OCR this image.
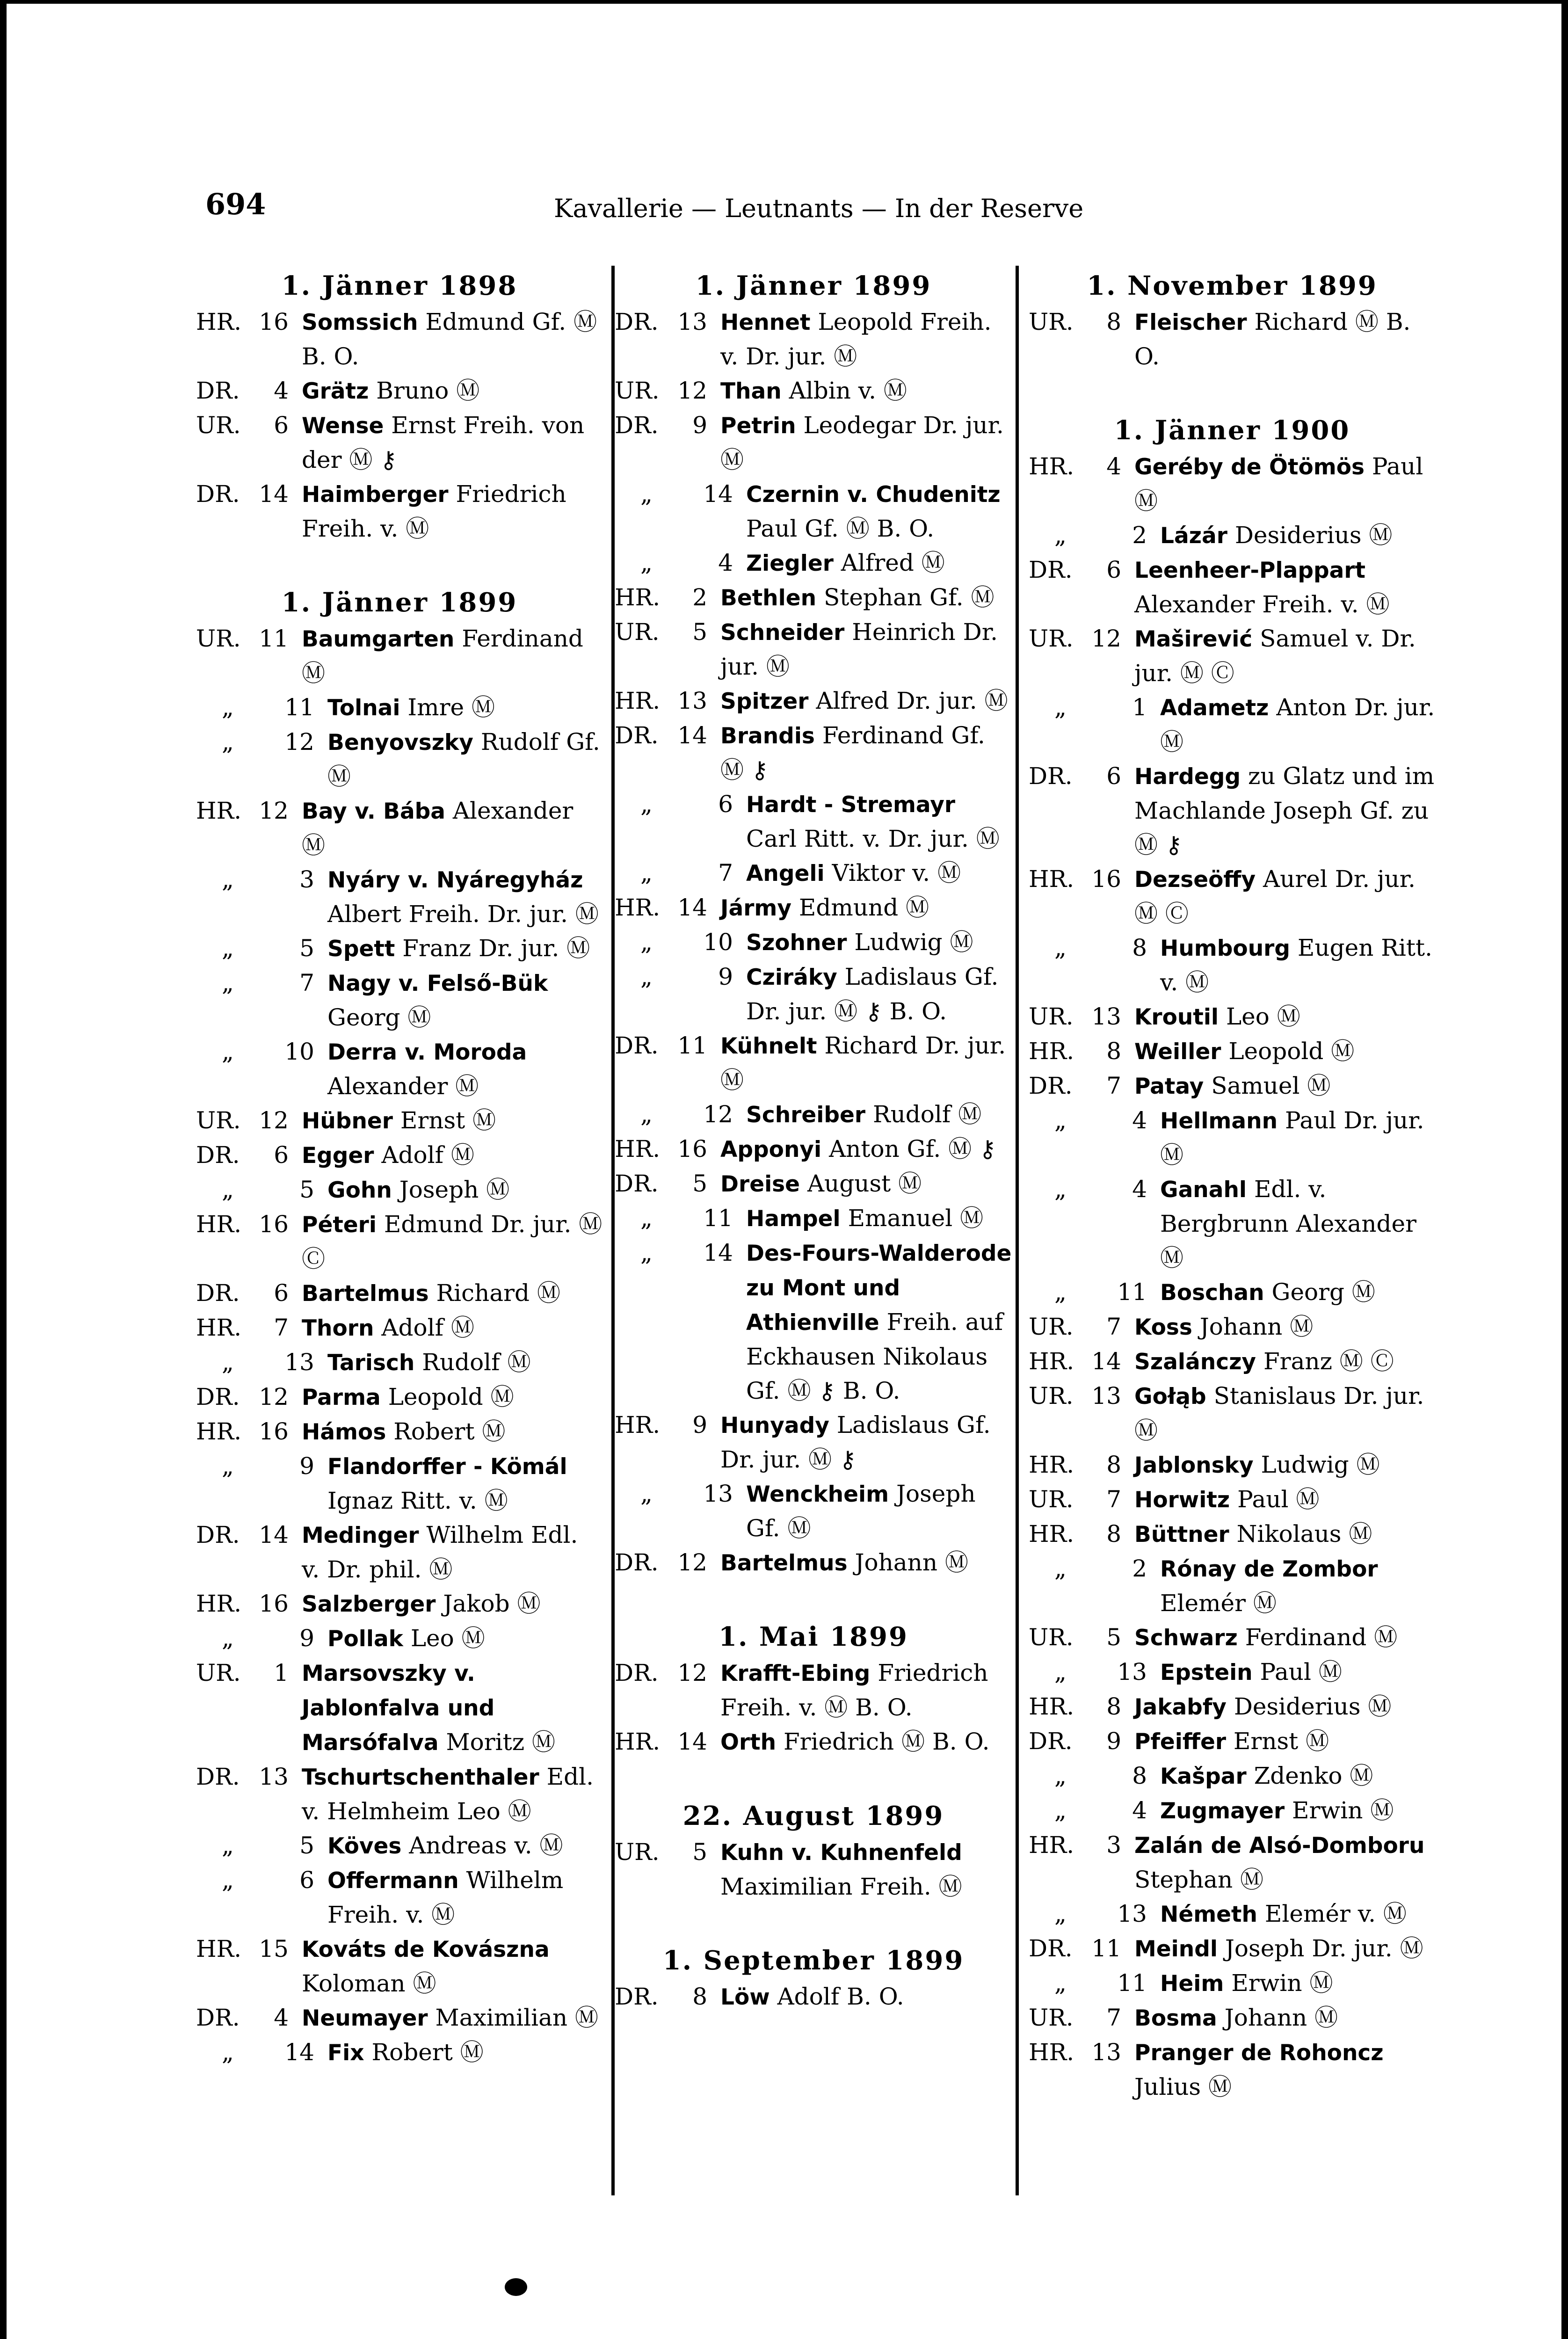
694	Kavallerie — Leutnants — In der Reserve
1. Jänner 1898
HR. 16 Somssich Edmund Gf. Ⓜ B. O.
DR.	4 Grätz Bruno Ⓜ
UR.	6 Wense Ernst Freih. von der Ⓜ ⚷
DR. 14 Haimberger Friedrich Freih. v. Ⓜ
1. Jänner 1899
UR. 11 Baumgarten Ferdinand Ⓜ
„	11 Tolnai Imre Ⓜ
„	12 Benyovszky Rudolf Gf. Ⓜ
HR. 12 Bay v. Bába Alexander Ⓜ
„	3 Nyáry v. Nyáregyház Albert Freih. Dr. jur. Ⓜ
„	5 Spett Franz Dr. jur. Ⓜ
„	7 Nagy v. Felső-Bük Georg Ⓜ
„	10 Derra v. Moroda Alexander Ⓜ
UR. 12 Hübner Ernst Ⓜ
DR.	6 Egger Adolf Ⓜ
„	5 Gohn Joseph Ⓜ
HR. 16 Péteri Edmund Dr. jur. Ⓜ Ⓒ
DR.	6 Bartelmus Richard Ⓜ
HR.	7 Thorn Adolf Ⓜ
„	13 Tarisch Rudolf Ⓜ
DR. 12 Parma Leopold Ⓜ
HR. 16 Hámos Robert Ⓜ
„	9 Flandorffer - Kömál Ignaz Ritt. v. Ⓜ
DR. 14 Medinger Wilhelm Edl. v. Dr. phil. Ⓜ
HR. 16 Salzberger Jakob Ⓜ
„	9 Pollak Leo Ⓜ
UR.	1 Marsovszky v. Jablonfalva und Marsófalva Moritz Ⓜ
DR. 13 Tschurtschenthaler Edl. v. Helmheim Leo Ⓜ
„	5 Köves Andreas v. Ⓜ
„	6 Offermann Wilhelm Freih. v. Ⓜ
HR. 15 Kováts de Kovászna Koloman Ⓜ
DR.	4 Neumayer Maximilian Ⓜ
„	14 Fix Robert Ⓜ
1. Jänner 1899
DR. 13 Hennet Leopold Freih. v. Dr. jur. Ⓜ
UR. 12 Than Albin v. Ⓜ
DR.	9 Petrin Leodegar Dr. jur. Ⓜ
„	14 Czernin v. Chudenitz Paul Gf. Ⓜ B. O.
„	4 Ziegler Alfred Ⓜ
HR.	2 Bethlen Stephan Gf. Ⓜ
UR.	5 Schneider Heinrich Dr. jur. Ⓜ
HR. 13 Spitzer Alfred Dr. jur. Ⓜ
DR. 14 Brandis Ferdinand Gf. Ⓜ ⚷
„	6 Hardt - Stremayr Carl Ritt. v. Dr. jur. Ⓜ
„	7 Angeli Viktor v. Ⓜ
HR. 14 Jármy Edmund Ⓜ
„	10 Szohner Ludwig Ⓜ
„	9 Cziráky Ladislaus Gf. Dr. jur. Ⓜ ⚷ B. O.
DR. 11 Kühnelt Richard Dr. jur. Ⓜ
„	12 Schreiber Rudolf Ⓜ
HR. 16 Apponyi Anton Gf. Ⓜ ⚷
DR.	5 Dreise August Ⓜ
„	11 Hampel Emanuel Ⓜ
„	14 Des-Fours-Walderode zu Mont und Athienville Freih. auf Eckhausen Nikolaus Gf. Ⓜ ⚷ B. O.
HR.	9 Hunyady Ladislaus Gf. Dr. jur. Ⓜ ⚷
„	13 Wenckheim Joseph Gf. Ⓜ
DR. 12 Bartelmus Johann Ⓜ
1. Mai 1899
DR. 12 Krafft-Ebing Friedrich Freih. v. Ⓜ B. O.
HR. 14 Orth Friedrich Ⓜ B. O.
22. August 1899
UR.	5 Kuhn v. Kuhnenfeld Maximilian Freih. Ⓜ
1. September 1899
DR.	8 Löw Adolf B. O.
1. November 1899
UR.	8 Fleischer Richard Ⓜ B. O.
1. Jänner 1900
HR.	4 Geréby de Ötömös Paul Ⓜ
„	2 Lázár Desiderius Ⓜ
DR.	6 Leenheer-Plappart Alexander Freih. v. Ⓜ
UR. 12 Maširević Samuel v. Dr. jur. Ⓜ Ⓒ
„	1 Adametz Anton Dr. jur. Ⓜ
DR.	6 Hardegg zu Glatz und im Machlande Joseph Gf. zu Ⓜ ⚷
HR. 16 Dezseöffy Aurel Dr. jur. Ⓜ Ⓒ
„	8 Humbourg Eugen Ritt. v. Ⓜ
UR. 13 Kroutil Leo Ⓜ
HR.	8 Weiller Leopold Ⓜ
DR.	7 Patay Samuel Ⓜ
„	4 Hellmann Paul Dr. jur. Ⓜ
„	4 Ganahl Edl. v. Bergbrunn Alexander Ⓜ
„	11 Boschan Georg Ⓜ
UR.	7 Koss Johann Ⓜ
HR. 14 Szalánczy Franz Ⓜ Ⓒ
UR. 13 Gołąb Stanislaus Dr. jur. Ⓜ
HR.	8 Jablonsky Ludwig Ⓜ
UR.	7 Horwitz Paul Ⓜ
HR.	8 Büttner Nikolaus Ⓜ
„	2 Rónay de Zombor Elemér Ⓜ
UR.	5 Schwarz Ferdinand Ⓜ
„	13 Epstein Paul Ⓜ
HR.	8 Jakabfy Desiderius Ⓜ
DR.	9 Pfeiffer Ernst Ⓜ
„	8 Kašpar Zdenko Ⓜ
„	4 Zugmayer Erwin Ⓜ
HR.	3 Zalán de Alsó-Domboru Stephan Ⓜ
„	13 Németh Elemér v. Ⓜ
DR. 11 Meindl Joseph Dr. jur. Ⓜ
„	11 Heim Erwin Ⓜ
UR.	7 Bosma Johann Ⓜ
HR. 13 Pranger de Rohoncz Julius Ⓜ
